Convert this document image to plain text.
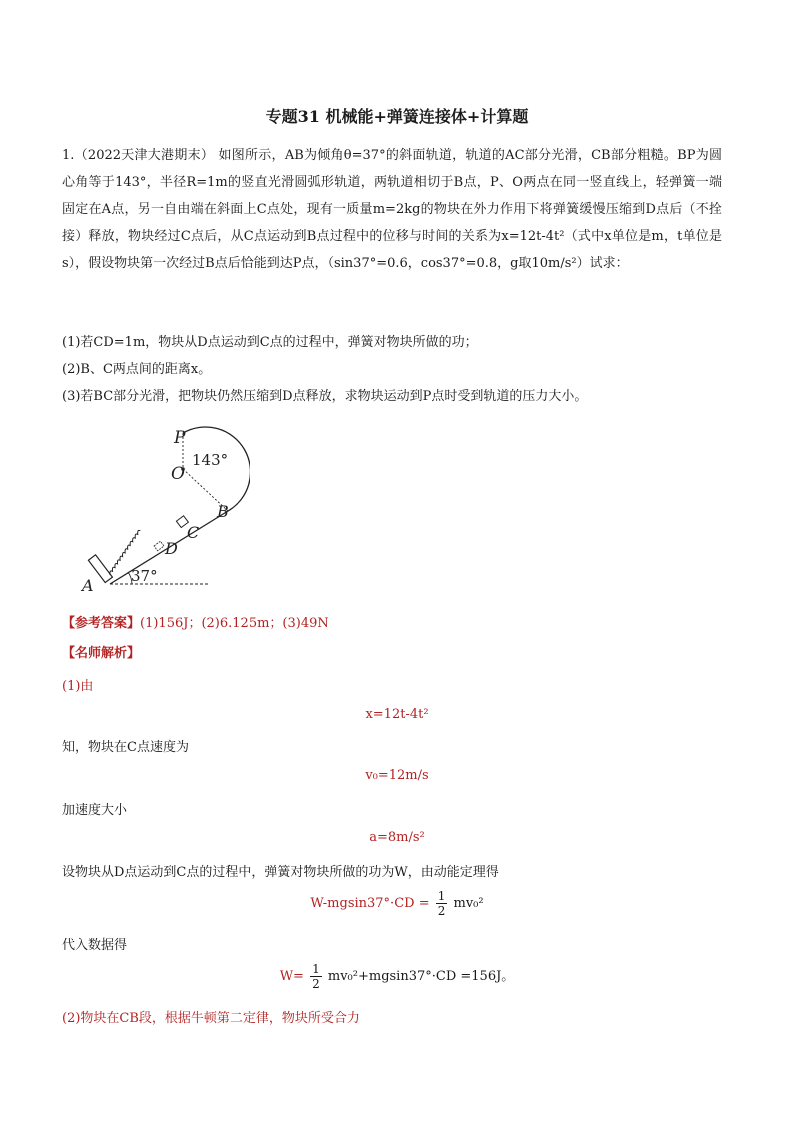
专题31 机械能+弹簧连接体+计算题
1.（2022天津大港期末） 如图所示，AB为倾角θ=37°的斜面轨道，轨道的AC部分光滑，CB部分粗糙。BP为圆心角等于143°，半径R=1m的竖直光滑圆弧形轨道，两轨道相切于B点，P、O两点在同一竖直线上，轻弹簧一端固定在A点，另一自由端在斜面上C点处，现有一质量m=2kg的物块在外力作用下将弹簧缓慢压缩到D点后（不拴接）释放，物块经过C点后，从C点运动到B点过程中的位移与时间的关系为x=12t-4t²（式中x单位是m，t单位是s），假设物块第一次经过B点后恰能到达P点，（sin37°=0.6，cos37°=0.8，g取10m/s²）试求：
(1)若CD=1m，物块从D点运动到C点的过程中，弹簧对物块所做的功；
(2)B、C两点间的距离x。
(3)若BC部分光滑，把物块仍然压缩到D点释放，求物块运动到P点时受到轨道的压力大小。
P
O
143°
B
C
D
A 37°
【参考答案】(1)156J；(2)6.125m；(3)49N
【名师解析】
(1)由
x=12t-4t²
知，物块在C点速度为
v₀=12m/s
加速度大小
a=8m/s²
设物块从D点运动到C点的过程中，弹簧对物块所做的功为W，由动能定理得
$W-mgsin37^\circ\cdot CD = \frac{1}{2} mv_0^2$
代入数据得
$W= \frac{1}{2} mv_0^2+mgsin37^\circ\cdot CD =156J$。
(2)物块在CB段，根据牛顿第二定律，物块所受合力
